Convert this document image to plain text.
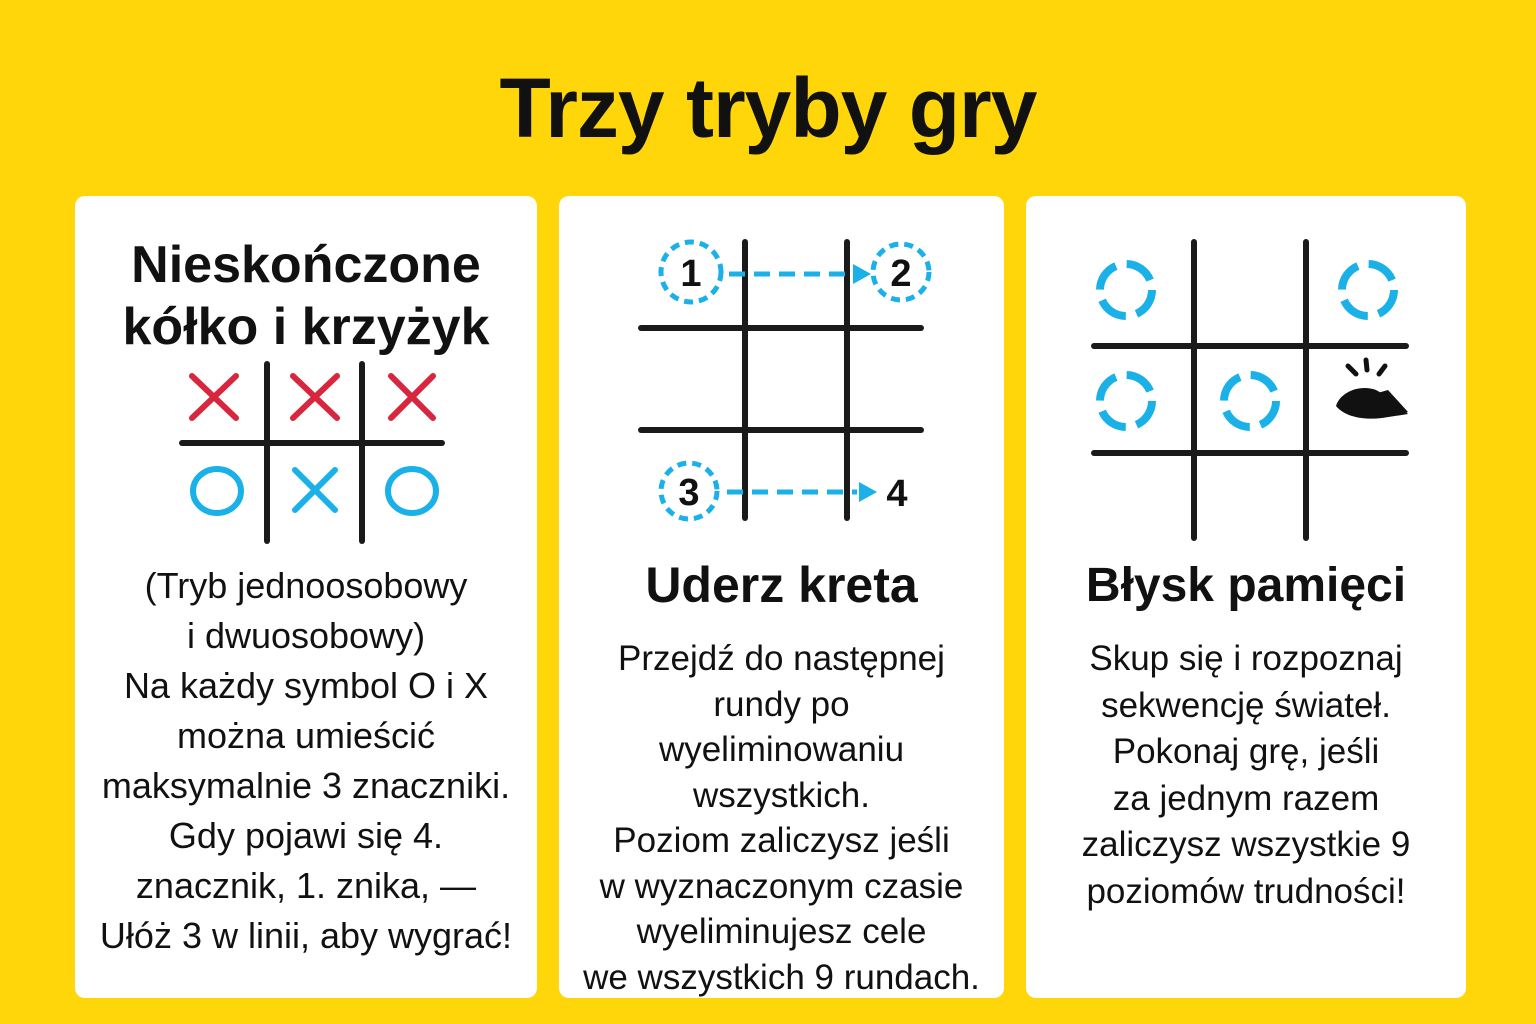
Trzy tryby gry
Nieskończone
kółko i krzyżyk
(Tryb jednoosobowy
i dwuosobowy)
Na każdy symbol O i X
można umieścić
maksymalnie 3 znaczniki.
Gdy pojawi się 4.
znacznik, 1. znika, —
Ułóż 3 w linii, aby wygrać!
1	2
3	4
Uderz kreta
Przejdź do następnej
rundy po
wyeliminowaniu
wszystkich.
Poziom zaliczysz jeśli
w wyznaczonym czasie
wyeliminujesz cele
we wszystkich 9 rundach.
Błysk pamięci
Skup się i rozpoznaj
sekwencję świateł.
Pokonaj grę, jeśli
za jednym razem
zaliczysz wszystkie 9
poziomów trudności!
